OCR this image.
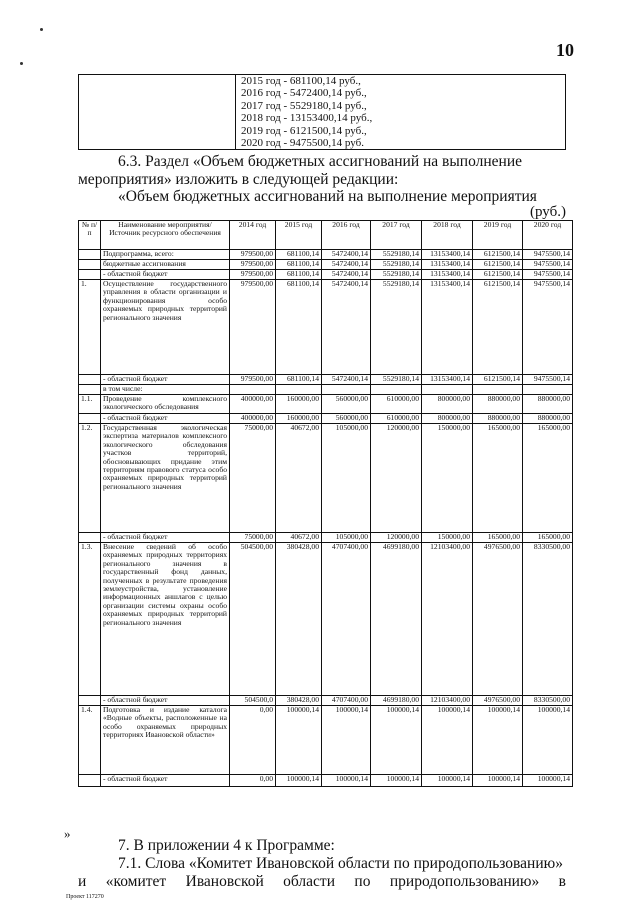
10
2015 год - 681100,14 руб.,
2016 год - 5472400,14 руб.,
2017 год - 5529180,14 руб.,
2018 год - 13153400,14 руб.,
2019 год - 6121500,14 руб.,
2020 год - 9475500,14 руб.
6.3. Раздел «Объем бюджетных ассигнований на выполнение
мероприятия» изложить в следующей редакции:
«Объем бюджетных ассигнований на выполнение мероприятия
(руб.)
№ п/п	Наименование мероприятия/Источник ресурсного обеспечения	2014 год	2015 год	2016 год	2017 год	2018 год	2019 год	2020 год
	Подпрограмма, всего:	979500,00	681100,14	5472400,14	5529180,14	13153400,14	6121500,14	9475500,14
	бюджетные ассигнования	979500,00	681100,14	5472400,14	5529180,14	13153400,14	6121500,14	9475500,14
	- областной бюджет	979500,00	681100,14	5472400,14	5529180,14	13153400,14	6121500,14	9475500,14
1.	Осуществление государственного управления в области организации и функционирования особо охраняемых природных территорий регионального значения	979500,00	681100,14	5472400,14	5529180,14	13153400,14	6121500,14	9475500,14
	- областной бюджет	979500,00	681100,14	5472400,14	5529180,14	13153400,14	6121500,14	9475500,14
	в том числе:							
1.1.	Проведение комплексного экологического обследования	400000,00	160000,00	560000,00	610000,00	800000,00	880000,00	880000,00
	- областной бюджет	400000,00	160000,00	560000,00	610000,00	800000,00	880000,00	880000,00
1.2.	Государственная экологическая экспертиза материалов комплексного экологического обследования участков территорий, обосновывающих придание этим территориям правового статуса особо охраняемых природных территорий регионального значения	75000,00	40672,00	105000,00	120000,00	150000,00	165000,00	165000,00
	- областной бюджет	75000,00	40672,00	105000,00	120000,00	150000,00	165000,00	165000,00
1.3.	Внесение сведений об особо охраняемых природных территориях регионального значения в государственный фонд данных, полученных в результате проведения землеустройства, установление информационных аншлагов с целью организации системы охраны особо охраняемых природных территорий регионального значения	504500,00	380428,00	4707400,00	4699180,00	12103400,00	4976500,00	8330500,00
	- областной бюджет	504500,0	380428,00	4707400,00	4699180,00	12103400,00	4976500,00	8330500,00
1.4.	Подготовка и издание каталога «Водные объекты, расположенные на особо охраняемых природных территориях Ивановской области»	0,00	100000,14	100000,14	100000,14	100000,14	100000,14	100000,14
	- областной бюджет	0,00	100000,14	100000,14	100000,14	100000,14	100000,14	100000,14
»
7. В приложении 4 к Программе:
7.1. Слова «Комитет Ивановской области по природопользованию»
и «комитет Ивановской области по природопользованию» в
Проект 117270
